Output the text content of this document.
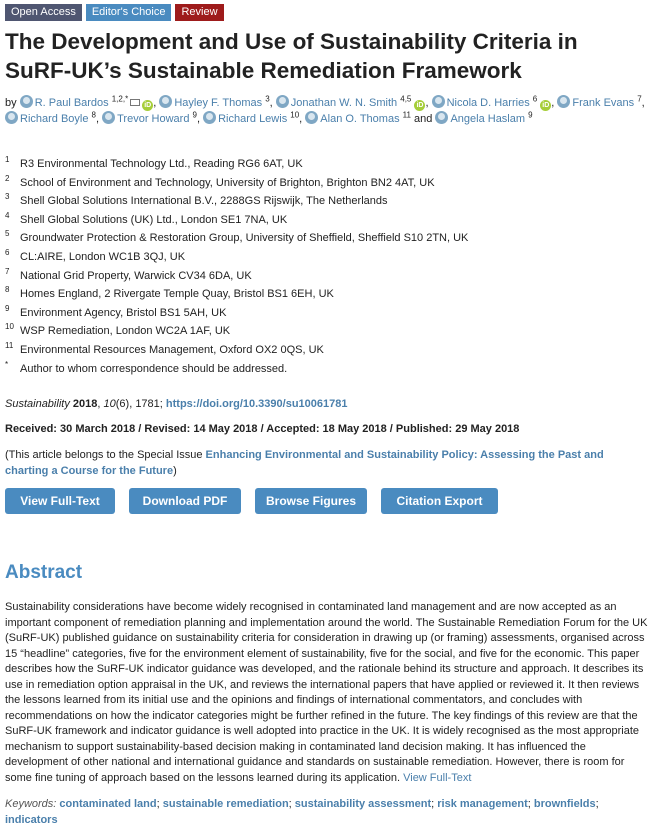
Open Access	Editor's Choice	Review
The Development and Use of Sustainability Criteria in SuRF-UK’s Sustainable Remediation Framework
by R. Paul Bardos $^{1,2,*}$iD , Hayley F. Thomas $^3$, Jonathan W. N. Smith $^{4,5}$ iD , Nicola D. Harries $^6$ iD , Frank Evans $^7$, Richard Boyle $^8$, Trevor Howard $^9$, Richard Lewis $^{10}$, Alan O. Thomas $^{11}$ and Angela Haslam $^9$
1 R3 Environmental Technology Ltd., Reading RG6 6AT, UK
2 School of Environment and Technology, University of Brighton, Brighton BN2 4AT, UK
3 Shell Global Solutions International B.V., 2288GS Rijswijk, The Netherlands
4 Shell Global Solutions (UK) Ltd., London SE1 7NA, UK
5 Groundwater Protection & Restoration Group, University of Sheffield, Sheffield S10 2TN, UK
6 CL:AIRE, London WC1B 3QJ, UK
7 National Grid Property, Warwick CV34 6DA, UK
8 Homes England, 2 Rivergate Temple Quay, Bristol BS1 6EH, UK
9 Environment Agency, Bristol BS1 5AH, UK
10 WSP Remediation, London WC2A 1AF, UK
11 Environmental Resources Management, Oxford OX2 0QS, UK
*	Author to whom correspondence should be addressed.
Sustainability 2018, 10(6), 1781; https://doi.org/10.3390/su10061781
Received: 30 March 2018 / Revised: 14 May 2018 / Accepted: 18 May 2018 / Published: 29 May 2018
(This article belongs to the Special Issue Enhancing Environmental and Sustainability Policy: Assessing the Past and charting a Course for the Future)
View Full-Text	Download PDF	Browse Figures	Citation Export
Abstract
Sustainability considerations have become widely recognised in contaminated land management and are now accepted as an important component of remediation planning and implementation around the world. The Sustainable Remediation Forum for the UK (SuRF-UK) published guidance on sustainability criteria for consideration in drawing up (or framing) assessments, organised across 15 “headline” categories, five for the environment element of sustainability, five for the social, and five for the economic. This paper describes how the SuRF-UK indicator guidance was developed, and the rationale behind its structure and approach. It describes its use in remediation option appraisal in the UK, and reviews the international papers that have applied or reviewed it. It then reviews the lessons learned from its initial use and the opinions and findings of international commentators, and concludes with recommendations on how the indicator categories might be further refined in the future. The key findings of this review are that the SuRF-UK framework and indicator guidance is well adopted into practice in the UK. It is widely recognised as the most appropriate mechanism to support sustainability-based decision making in contaminated land decision making. It has influenced the development of other national and international guidance and standards on sustainable remediation. However, there is room for some fine tuning of approach based on the lessons learned during its application. View Full-Text
Keywords: contaminated land; sustainable remediation; sustainability assessment; risk management; brownfields; indicators
